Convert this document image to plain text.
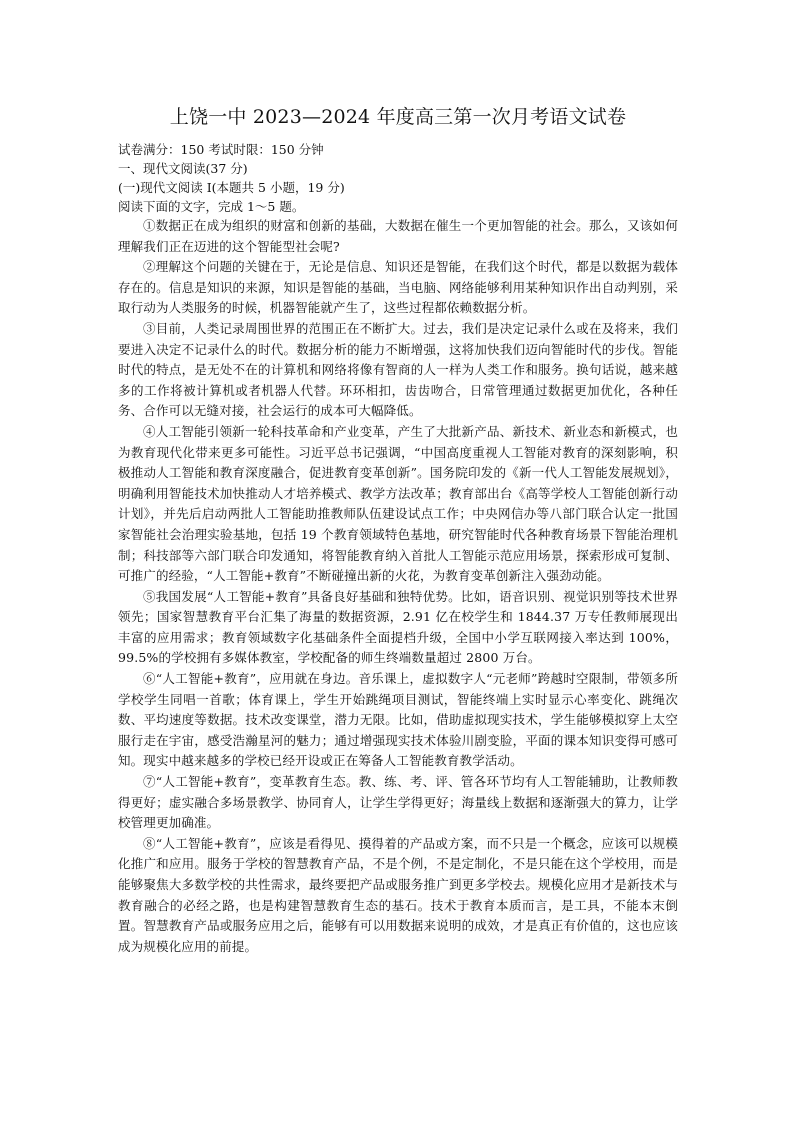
上饶一中 2023—2024 年度高三第一次月考语文试卷

试卷满分：150 考试时限：150 分钟

一、现代文阅读(37 分)

(一)现代文阅读 I(本题共 5 小题，19 分)

阅读下面的文字，完成 1～5 题。

①数据正在成为组织的财富和创新的基础，大数据在催生一个更加智能的社会。那么，又该如何理解我们正在迈进的这个智能型社会呢?

②理解这个问题的关键在于，无论是信息、知识还是智能，在我们这个时代，都是以数据为载体存在的。信息是知识的来源，知识是智能的基础，当电脑、网络能够利用某种知识作出自动判别，采取行动为人类服务的时候，机器智能就产生了，这些过程都依赖数据分析。

③目前，人类记录周围世界的范围正在不断扩大。过去，我们是决定记录什么或在及将来，我们要进入决定不记录什么的时代。数据分析的能力不断增强，这将加快我们迈向智能时代的步伐。智能时代的特点，是无处不在的计算机和网络将像有智商的人一样为人类工作和服务。换句话说，越来越多的工作将被计算机或者机器人代替。环环相扣，齿齿吻合，日常管理通过数据更加优化，各种任务、合作可以无缝对接，社会运行的成本可大幅降低。

④人工智能引领新一轮科技革命和产业变革，产生了大批新产品、新技术、新业态和新模式，也为教育现代化带来更多可能性。习近平总书记强调，“中国高度重视人工智能对教育的深刻影响，积极推动人工智能和教育深度融合，促进教育变革创新”。国务院印发的《新一代人工智能发展规划》，明确利用智能技术加快推动人才培养模式、教学方法改革；教育部出台《高等学校人工智能创新行动计划》，并先后启动两批人工智能助推教师队伍建设试点工作；中央网信办等八部门联合认定一批国家智能社会治理实验基地，包括 19 个教育领域特色基地，研究智能时代各种教育场景下智能治理机制；科技部等六部门联合印发通知，将智能教育纳入首批人工智能示范应用场景，探索形成可复制、可推广的经验，“人工智能+教育”不断碰撞出新的火花，为教育变革创新注入强劲动能。

⑤我国发展“人工智能+教育”具备良好基础和独特优势。比如，语音识别、视觉识别等技术世界领先；国家智慧教育平台汇集了海量的数据资源，2.91 亿在校学生和 1844.37 万专任教师展现出丰富的应用需求；教育领域数字化基础条件全面提档升级，全国中小学互联网接入率达到 100%，99.5%的学校拥有多媒体教室，学校配备的师生终端数量超过 2800 万台。

⑥“人工智能+教育”，应用就在身边。音乐课上，虚拟数字人“元老师”跨越时空限制，带领多所学校学生同唱一首歌；体育课上，学生开始跳绳项目测试，智能终端上实时显示心率变化、跳绳次数、平均速度等数据。技术改变课堂，潜力无限。比如，借助虚拟现实技术，学生能够模拟穿上太空服行走在宇宙，感受浩瀚星河的魅力；通过增强现实技术体验川剧变脸，平面的课本知识变得可感可知。现实中越来越多的学校已经开设或正在筹备人工智能教育教学活动。

⑦“人工智能+教育”，变革教育生态。教、练、考、评、管各环节均有人工智能辅助，让教师教得更好；虚实融合多场景教学、协同育人，让学生学得更好；海量线上数据和逐渐强大的算力，让学校管理更加确准。

⑧“人工智能+教育”，应该是看得见、摸得着的产品或方案，而不只是一个概念，应该可以规模化推广和应用。服务于学校的智慧教育产品，不是个例，不是定制化，不是只能在这个学校用，而是能够聚焦大多数学校的共性需求，最终要把产品或服务推广到更多学校去。规模化应用才是新技术与教育融合的必经之路，也是构建智慧教育生态的基石。技术于教育本质而言，是工具，不能本末倒置。智慧教育产品或服务应用之后，能够有可以用数据来说明的成效，才是真正有价值的，这也应该成为规模化应用的前提。
